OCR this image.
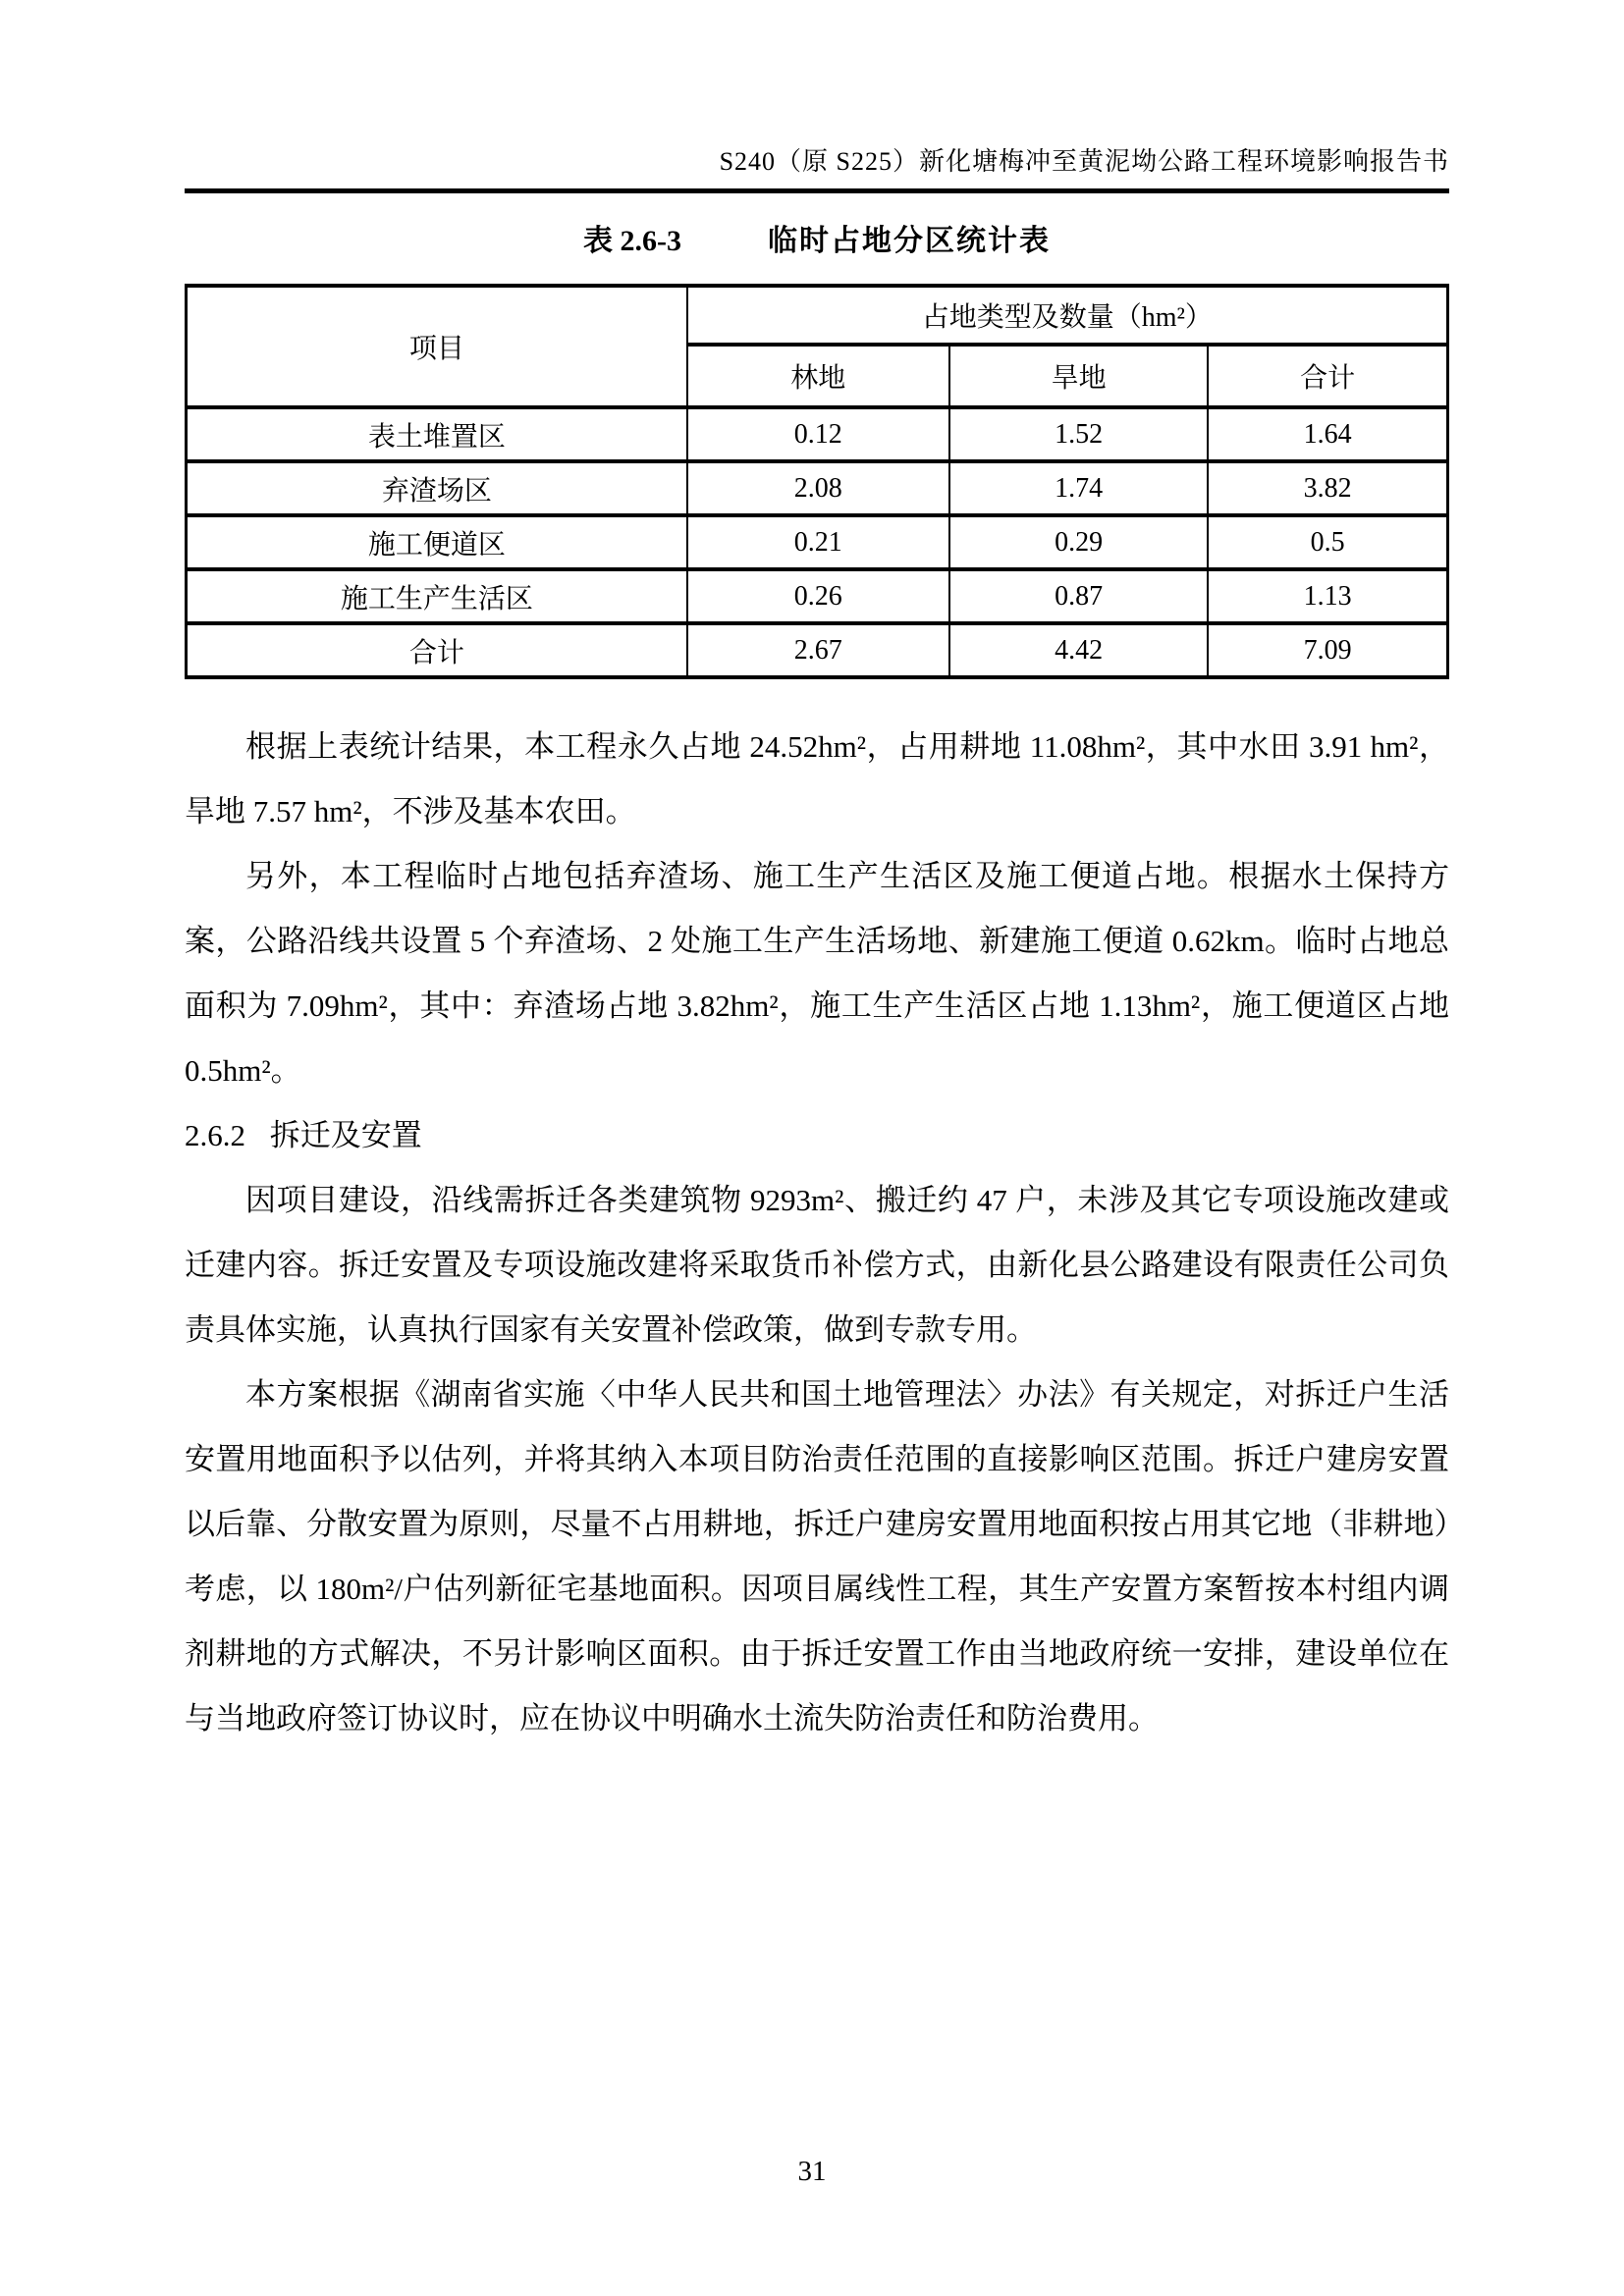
S240（原 S225）新化塘梅冲至黄泥坳公路工程环境影响报告书
表 2.6-3	临时占地分区统计表
项目	占地类型及数量（hm²）		
	林地	旱地	合计
表土堆置区	0.12	1.52	1.64
弃渣场区	2.08	1.74	3.82
施工便道区	0.21	0.29	0.5
施工生产生活区	0.26	0.87	1.13
合计	2.67	4.42	7.09

根据上表统计结果，本工程永久占地 24.52hm²，占用耕地 11.08hm²，其中水田 3.91 hm²，旱地 7.57 hm²，不涉及基本农田。

另外，本工程临时占地包括弃渣场、施工生产生活区及施工便道占地。根据水土保持方案，公路沿线共设置 5 个弃渣场、2 处施工生产生活场地、新建施工便道 0.62km。临时占地总面积为 7.09hm²，其中：弃渣场占地 3.82hm²，施工生产生活区占地 1.13hm²，施工便道区占地 0.5hm²。

2.6.2 拆迁及安置

因项目建设，沿线需拆迁各类建筑物 9293m²、搬迁约 47 户，未涉及其它专项设施改建或迁建内容。拆迁安置及专项设施改建将采取货币补偿方式，由新化县公路建设有限责任公司负责具体实施，认真执行国家有关安置补偿政策，做到专款专用。

本方案根据《湖南省实施〈中华人民共和国土地管理法〉办法》有关规定，对拆迁户生活安置用地面积予以估列，并将其纳入本项目防治责任范围的直接影响区范围。拆迁户建房安置以后靠、分散安置为原则，尽量不占用耕地，拆迁户建房安置用地面积按占用其它地（非耕地）考虑，以 180m²/户估列新征宅基地面积。因项目属线性工程，其生产安置方案暂按本村组内调剂耕地的方式解决，不另计影响区面积。由于拆迁安置工作由当地政府统一安排，建设单位在与当地政府签订协议时，应在协议中明确水土流失防治责任和防治费用。

31
